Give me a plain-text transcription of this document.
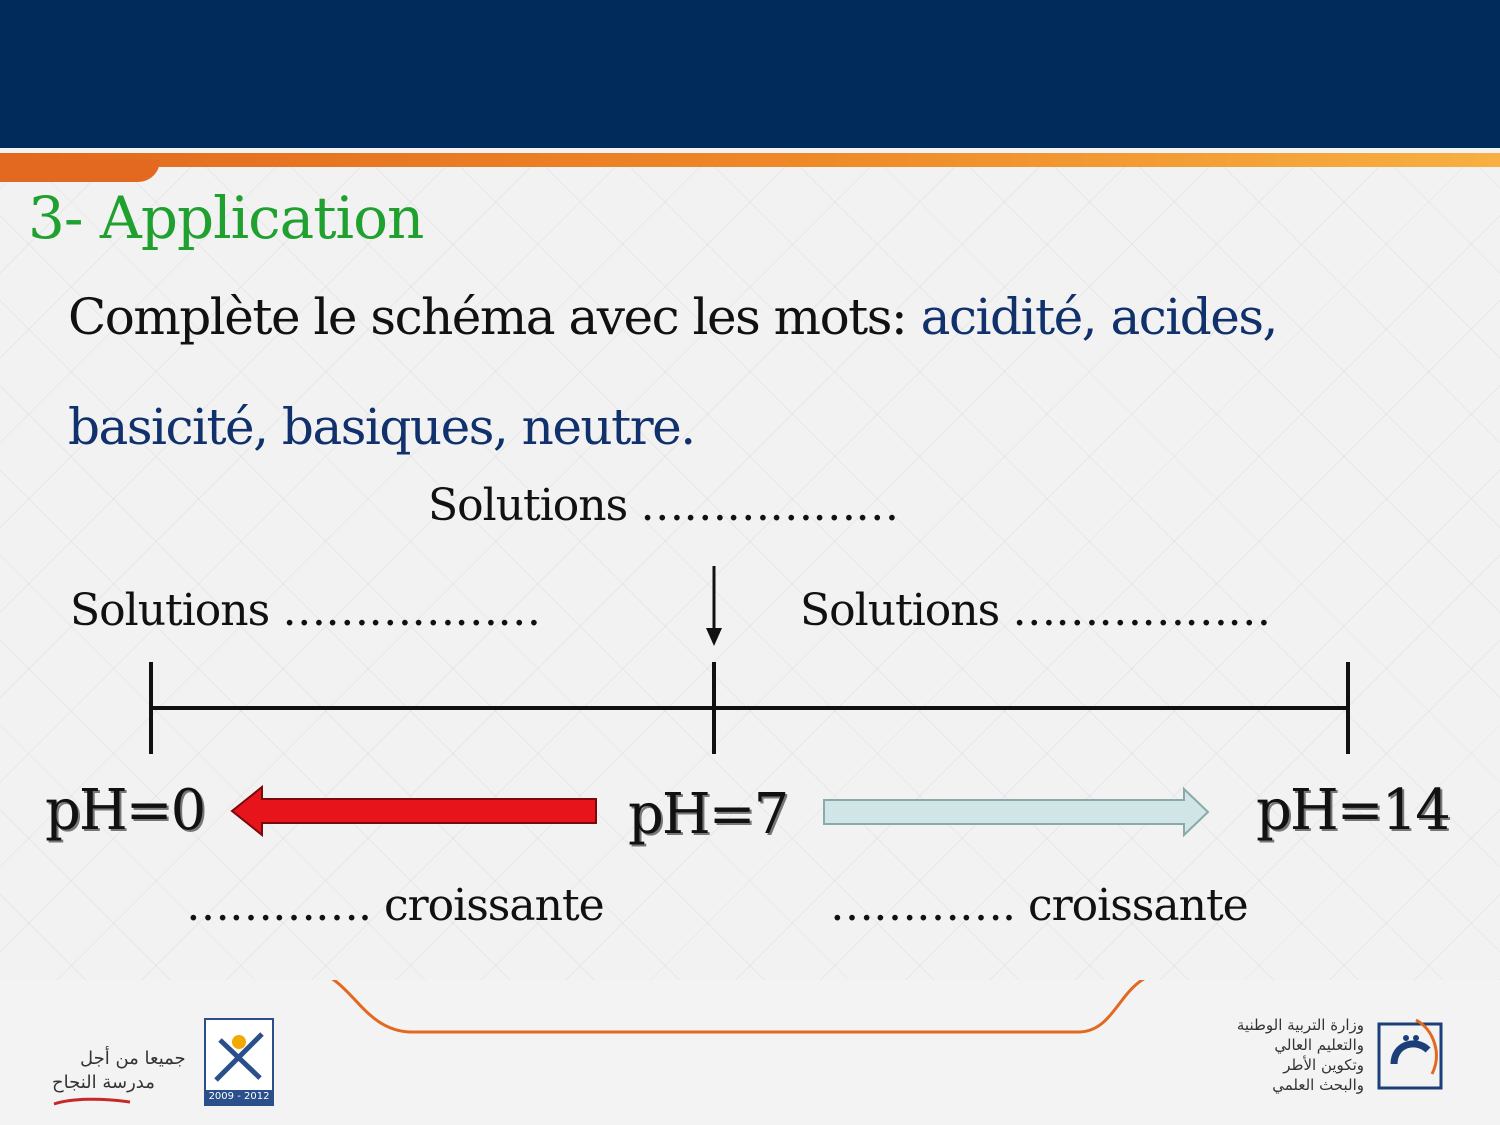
3- Application

Complète le schéma avec les mots: acidité, acides, basicité, basiques, neutre.

Solutions ………………
Solutions ………………	Solutions ………………
pH=0	pH=7	pH=14
…………. croissante	…………. croissante
جميعا من أجل
مدرسة النجاح
2009 - 2012
وزارة التربية الوطنية
والتعليم العالي
وتكوين الأطر
والبحث العلمي
